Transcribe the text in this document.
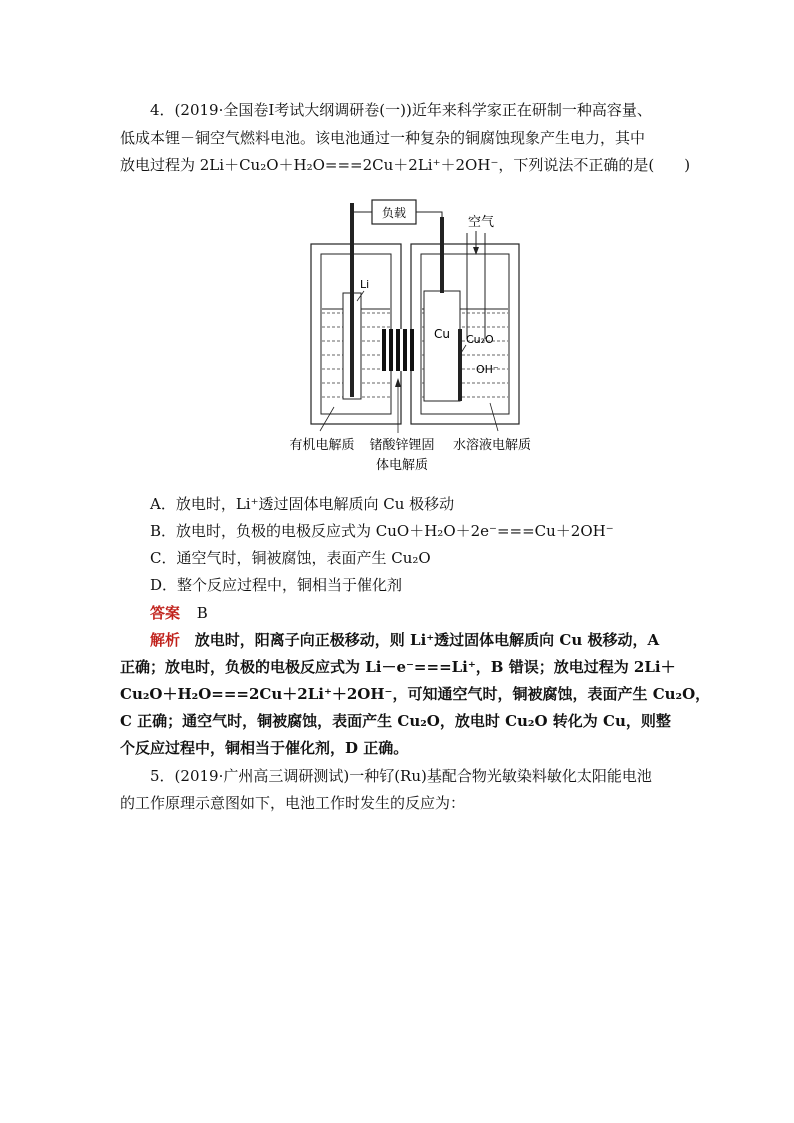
4．(2019·全国卷Ⅰ考试大纲调研卷(一))近年来科学家正在研制一种高容量、
低成本锂－铜空气燃料电池。该电池通过一种复杂的铜腐蚀现象产生电力，其中
放电过程为 2Li＋Cu₂O＋H₂O===2Cu＋2Li⁺＋2OH⁻，下列说法不正确的是(　　)
负载
空气
Li
Cu Cu₂O
OH⁻
有机电解质 锗酸锌锂固
体电解质
水溶液电解质
A．放电时，Li⁺透过固体电解质向 Cu 极移动
B．放电时，负极的电极反应式为 CuO＋H₂O＋2e⁻===Cu＋2OH⁻
C．通空气时，铜被腐蚀，表面产生 Cu₂O
D．整个反应过程中，铜相当于催化剂
答案 B
解析 放电时，阳离子向正极移动，则 Li⁺透过固体电解质向 Cu 极移动，A
正确；放电时，负极的电极反应式为 Li－e⁻===Li⁺，B 错误；放电过程为 2Li＋
Cu₂O＋H₂O===2Cu＋2Li⁺＋2OH⁻，可知通空气时，铜被腐蚀，表面产生 Cu₂O，
C 正确；通空气时，铜被腐蚀，表面产生 Cu₂O，放电时 Cu₂O 转化为 Cu，则整
个反应过程中，铜相当于催化剂，D 正确。
5．(2019·广州高三调研测试)一种钌(Ru)基配合物光敏染料敏化太阳能电池
的工作原理示意图如下，电池工作时发生的反应为：
